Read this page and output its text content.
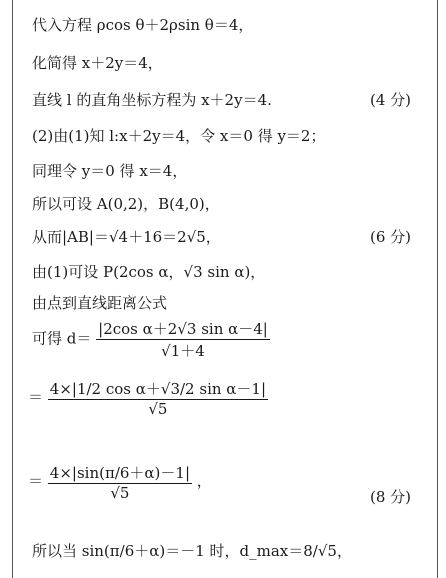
代入方程 ρcos θ＋2ρsin θ＝4，
化简得 x＋2y＝4，
直线 l 的直角坐标方程为 x＋2y＝4.	(4 分)
(2)由(1)知 l:x＋2y＝4，令 x＝0 得 y＝2；
同理令 y＝0 得 x＝4，
所以可设 A(0,2)，B(4,0)，
从而|AB|＝√4＋16＝2√5，	(6 分)
由(1)可设 P(2cos α，√3 sin α)，
由点到直线距离公式
可得 $d= \frac{\text{|2cos α＋2√3 sin α－4|}}{√1+4}$
＝ $\frac{\text{4×|1/2 cos α＋√3/2 sin α－1|}}{√5}$
＝ $\frac{4\times|\sin(\pi/6+\alpha)-1|}{√5}$ ，
(8 分)
所以当 sin(π/6＋α)＝－1 时，d_max＝8/√5，
